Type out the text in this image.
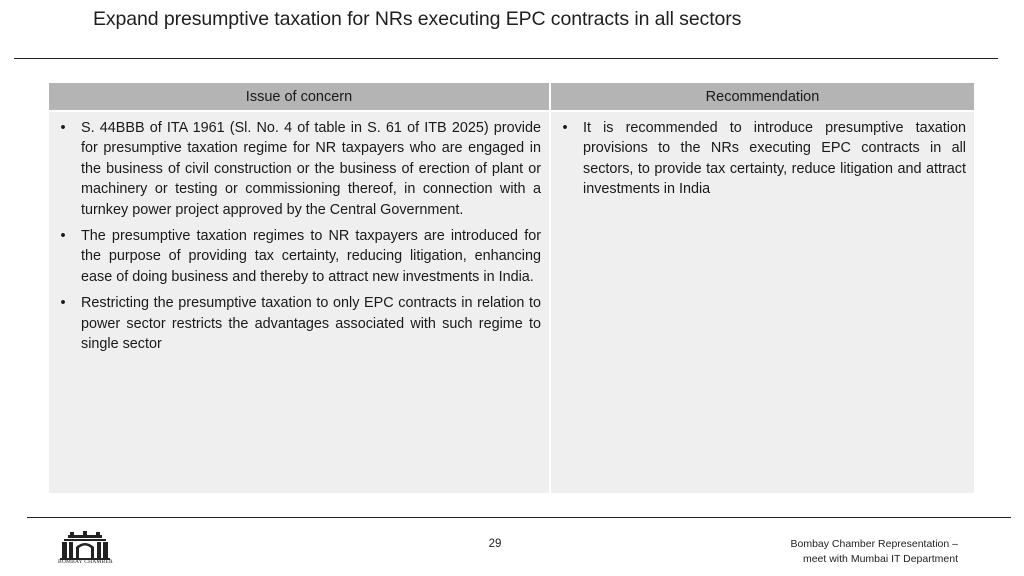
Expand presumptive taxation for NRs executing EPC contracts in all sectors
Issue of concern
• S. 44BBB of ITA 1961 (Sl. No. 4 of table in S. 61 of ITB 2025) provide for presumptive taxation regime for NR taxpayers who are engaged in the business of civil construction or the business of erection of plant or machinery or testing or commissioning thereof, in connection with a turnkey power project approved by the Central Government.
• The presumptive taxation regimes to NR taxpayers are introduced for the purpose of providing tax certainty, reducing litigation, enhancing ease of doing business and thereby to attract new investments in India.
• Restricting the presumptive taxation to only EPC contracts in relation to power sector restricts the advantages associated with such regime to single sector
Recommendation
• It is recommended to introduce presumptive taxation provisions to the NRs executing EPC contracts in all sectors, to provide tax certainty, reduce litigation and attract investments in India
BOMBAY CHAMBER
29	Bombay Chamber Representation –
meet with Mumbai IT Department
